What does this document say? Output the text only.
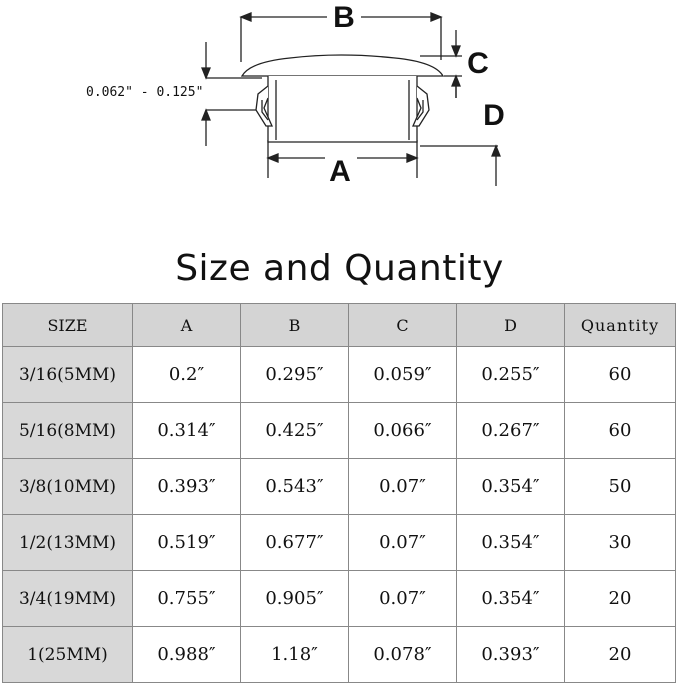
B
C
D
A
0.062" - 0.125"
Size and Quantity
SIZE	A	B	C	D	Quantity
3/16(5MM)	0.2″	0.295″	0.059″	0.255″	60
5/16(8MM)	0.314″	0.425″	0.066″	0.267″	60
3/8(10MM)	0.393″	0.543″	0.07″	0.354″	50
1/2(13MM)	0.519″	0.677″	0.07″	0.354″	30
3/4(19MM)	0.755″	0.905″	0.07″	0.354″	20
1(25MM)	0.988″	1.18″	0.078″	0.393″	20
